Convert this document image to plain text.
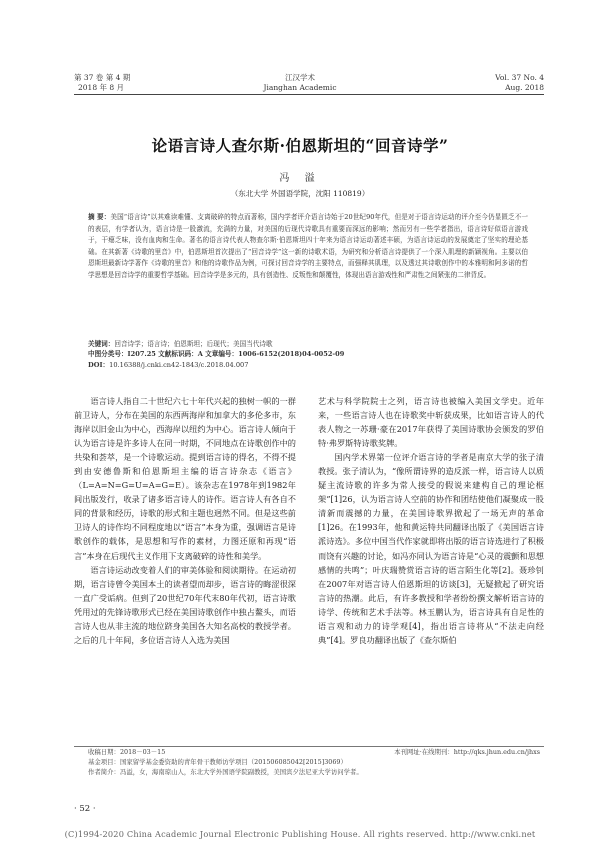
第 37 卷 第 4 期
2018 年 8 月
江汉学术
Jianghan Academic
Vol. 37 No. 4
Aug. 2018
论语言诗人查尔斯·伯恩斯坦的“回音诗学”
冯 溢
（东北大学 外国语学院，沈阳 110819）
摘 要：美国“语言诗”以其难读难懂、支离破碎的特点而著称，国内学者评介语言诗始于20世纪90年代，但是对于语言诗运动的评介至今仍显匮乏不一的表层，有学者认为，语言诗是一股激流，充满的力量，对美国的后现代诗歌具有重要而深远的影响；然而另有一些学者指出，语言诗好似语言游戏于，干瘪乏味，没有血肉和生命。著名的语言诗代表人物查尔斯·伯恩斯坦四十年来为语言诗运动著述丰硕，为语言诗运动的发展奠定了坚实的理论基础。在其新著《诗歌的里音》中，伯恩斯坦首次提出了“回音诗学”这一新的诗歌术语，为研究和分析语言诗提供了一个深入肌理的新颖视角。主要以伯恩斯坦最新诗学著作《诗歌的里音》和他的诗歌作品为例，可探讨回音诗学的主要特点，而强释其肌理，以及透过其诗歌创作中的本雅明和阿多诺的哲学思想是回音诗学的重要哲学基础。回音诗学是多元的，具有创造性、反叛性和颠覆性，体现出语言游戏性和严肃性之间紧张的二律背反。
关键词：回音诗学；语言诗；伯恩斯坦；后现代；美国当代诗歌
中图分类号：I207.25 文献标识码：A 文章编号：1006-6152(2018)04-0052-09
DOI：10.16388/j.cnki.cn42-1843/c.2018.04.007

语言诗人指自二十世纪六七十年代兴起的独树一帜的一群前卫诗人，分布在美国的东西两海岸和加拿大的多伦多市，东海岸以旧金山为中心，西海岸以纽约为中心。语言诗人倾向于认为语言诗是许多诗人在同一时期，不同地点在诗歌创作中的共染和荟萃，是一个诗歌运动。提到语言诗的得名，不得不提到由安德鲁斯和伯恩斯坦主编的语言诗杂志《语言》（L=A=N=G=U=A=G=E）。该杂志在1978年到1982年间出版发行，收录了诸多语言诗人的诗作。语言诗人有各自不同的背景和经历，诗歌的形式和主题也迥然不同。但是这些前卫诗人的诗作均不同程度地以“语言”本身为重，强调语言是诗歌创作的载体，是思想和写作的素材，力图还原和再现“语言”本身在后现代主义作用下支离破碎的诗性和美学。

语言诗运动改变着人们的审美体验和阅读期待。在运动初期，语言诗曾令美国本土的读者望而却步，语言诗的晦涩很深一直广受诟病。但到了20世纪70年代末80年代初，语言诗歌凭用过的先锋诗歌形式已经在美国诗歌创作中独占鳌头，而语言诗人也从非主流的地位跻身美国各大知名高校的教授学者。之后的几十年间，多位语言诗人入选为美国

艺术与科学院院士之列，语言诗也被编入美国文学史。近年来，一些语言诗人也在诗歌奖中斩获成果，比如语言诗人的代表人物之一苏珊·豪在2017年获得了美国诗歌协会颁发的罗伯特·弗罗斯特诗歌奖牌。

国内学术界第一位评介语言诗的学者是南京大学的张子清教授。张子清认为，“像所谓诗界的造反派一样，语言诗人以质疑主流诗歌的许多为常人接受的假说来建构自己的理论框架”[1]26，认为语言诗人空前的协作和团结使他们凝聚成一股清新而震撼的力量，在美国诗歌界掀起了一场无声的革命[1]26。在1993年，他和黄运特共同翻译出版了《美国语言诗派诗选》。多位中国当代作家就即将出版的语言诗选进行了积极而饶有兴趣的讨论，如冯亦同认为语言诗是“心灵的震颤和思想感情的共鸣”；叶庆瑞赞赏语言诗的语言陌生化等[2]。聂珍钊在2007年对语言诗人伯恩斯坦的访谈[3]，无疑掀起了研究语言诗的热潮。此后，有许多教授和学者纷纷撰文解析语言诗的诗学、传统和艺术手法等。林玉鹏认为，语言诗具有自足性的语言观和动力的诗学观[4]，指出语言诗将从“不法走向经典”[4]。罗良功翻译出版了《查尔斯伯

收稿日期：2018－03－15	本刊网址·在线期刊：http://qks.jhun.edu.cn/jhxs
基金项目：国家留学基金委资助的青年骨干教师访学项目（201506085042[2015]3069）
作者简介：冯溢，女，海南琼山人，东北大学外国语学院副教授，美国宾夕法尼亚大学访问学者。
· 52 ·
(C)1994-2020 China Academic Journal Electronic Publishing House. All rights reserved. http://www.cnki.net
